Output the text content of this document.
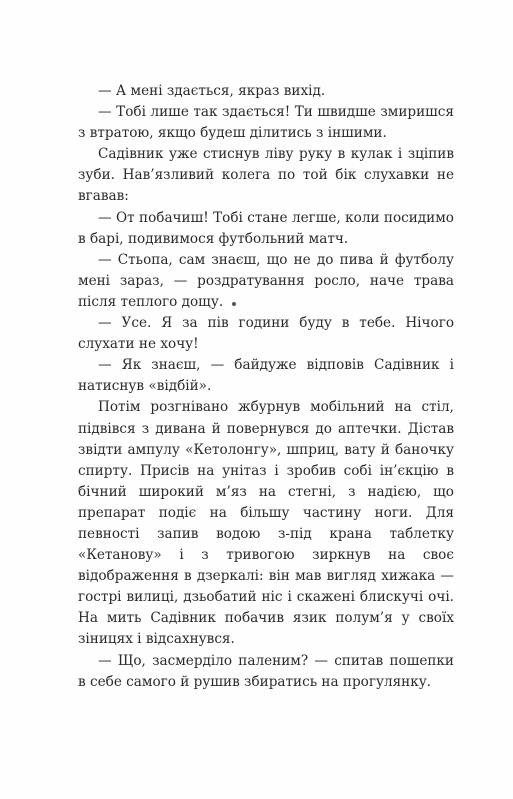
— А мені здається, якраз вихід.

— Тобі лише так здається! Ти швидше змиришся з втратою, якщо будеш ділитись з іншими.

Садівник уже стиснув ліву руку в кулак і зціпив зуби. Нав’язливий колега по той бік слухавки не вгавав:

— От побачиш! Тобі стане легше, коли посидимо в барі, подивимося футбольний матч.

— Стьопа, сам знаєш, що не до пива й футболу мені зараз, — роздратування росло, наче трава після теплого дощу.

— Усе. Я за пів години буду в тебе. Нічого слухати не хочу!

— Як знаєш, — байдуже відповів Садівник і натиснув «відбій».

Потім розгнівано жбурнув мобільний на стіл, підвівся з дивана й повернувся до аптечки. Дістав звідти ампулу «Кетолонгу», шприц, вату й баночку спирту. Присів на унітаз і зробив собі ін’єкцію в бічний широкий м’яз на стегні, з надією, що препарат подіє на більшу частину ноги. Для певності запив водою з-під крана таблетку «Кетанову» і з тривогою зиркнув на своє відображення в дзеркалі: він мав вигляд хижака — гострі вилиці, дзьобатий ніс і скажені блискучі очі. На мить Садівник побачив язик полум’я у своїх зіницях і відсахнувся.

— Що, засмерділо паленим? — спитав пошепки в себе самого й рушив збиратись на прогулянку.
